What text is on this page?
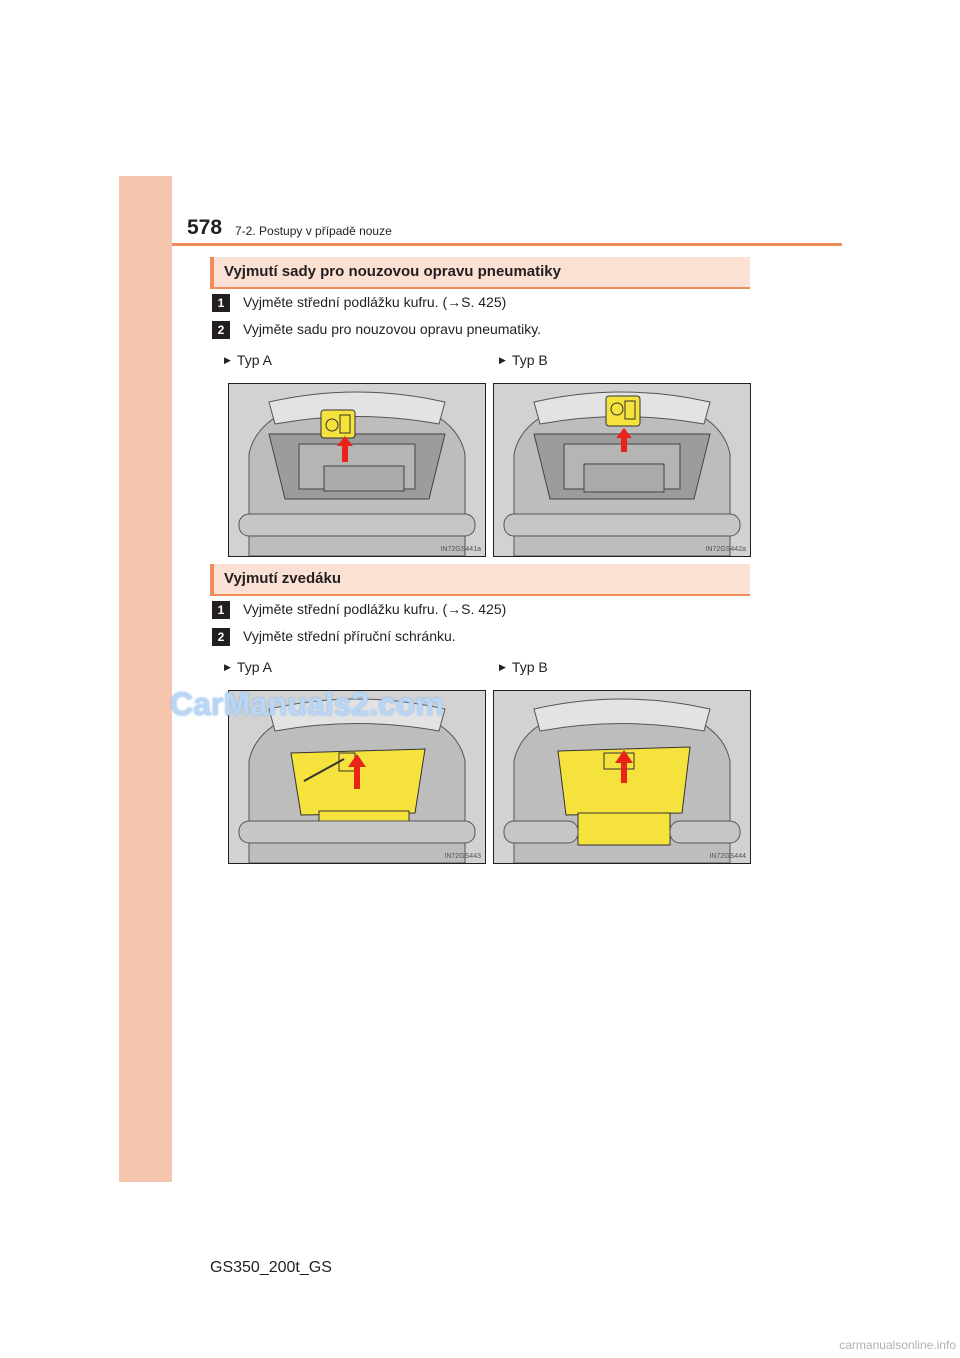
578 7-2. Postupy v případě nouze
Vyjmutí sady pro nouzovou opravu pneumatiky
1	Vyjměte střední podlážku kufru. (→S. 425)
2	Vyjměte sadu pro nouzovou opravu pneumatiky.
▶ Typ A	▶ Typ B
IN72GS441a	IN72GS442a
Vyjmutí zvedáku
1	Vyjměte střední podlážku kufru. (→S. 425)
2	Vyjměte střední příruční schránku.
▶ Typ A	▶ Typ B
IN72GS443	IN72GS444
CarManuals2.com
GS350_200t_GS
carmanualsonline.info
